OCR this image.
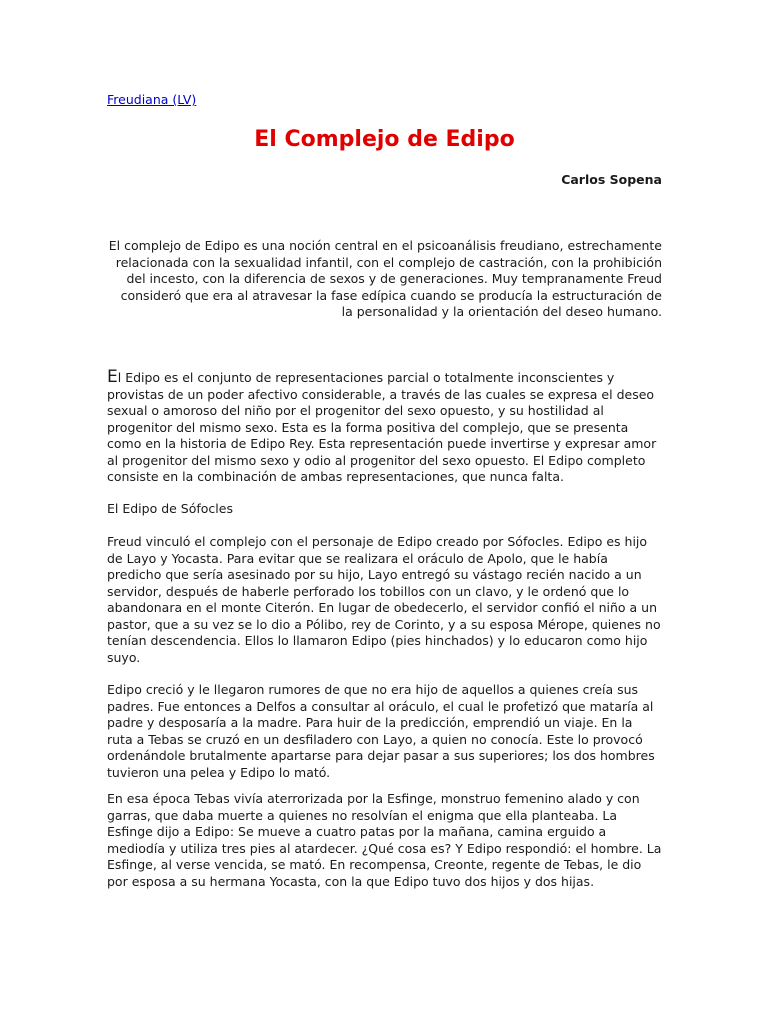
Freudiana (LV)
El Complejo de Edipo
Carlos Sopena

El complejo de Edipo es una noción central en el psicoanálisis freudiano, estrechamente relacionada con la sexualidad infantil, con el complejo de castración, con la prohibición del incesto, con la diferencia de sexos y de generaciones. Muy tempranamente Freud consideró que era al atravesar la fase edípica cuando se producía la estructuración de la personalidad y la orientación del deseo humano.

El Edipo es el conjunto de representaciones parcial o totalmente inconscientes y provistas de un poder afectivo considerable, a través de las cuales se expresa el deseo sexual o amoroso del niño por el progenitor del sexo opuesto, y su hostilidad al progenitor del mismo sexo. Esta es la forma positiva del complejo, que se presenta como en la historia de Edipo Rey. Esta representación puede invertirse y expresar amor al progenitor del mismo sexo y odio al progenitor del sexo opuesto. El Edipo completo consiste en la combinación de ambas representaciones, que nunca falta.

El Edipo de Sófocles

Freud vinculó el complejo con el personaje de Edipo creado por Sófocles. Edipo es hijo de Layo y Yocasta. Para evitar que se realizara el oráculo de Apolo, que le había predicho que sería asesinado por su hijo, Layo entregó su vástago recién nacido a un servidor, después de haberle perforado los tobillos con un clavo, y le ordenó que lo abandonara en el monte Citerón. En lugar de obedecerlo, el servidor confió el niño a un pastor, que a su vez se lo dio a Pólibo, rey de Corinto, y a su esposa Mérope, quienes no tenían descendencia. Ellos lo llamaron Edipo (pies hinchados) y lo educaron como hijo suyo.

Edipo creció y le llegaron rumores de que no era hijo de aquellos a quienes creía sus padres. Fue entonces a Delfos a consultar al oráculo, el cual le profetizó que mataría al padre y desposaría a la madre. Para huir de la predicción, emprendió un viaje. En la ruta a Tebas se cruzó en un desfiladero con Layo, a quien no conocía. Este lo provocó ordenándole brutalmente apartarse para dejar pasar a sus superiores; los dos hombres tuvieron una pelea y Edipo lo mató.

En esa época Tebas vivía aterrorizada por la Esfinge, monstruo femenino alado y con garras, que daba muerte a quienes no resolvían el enigma que ella planteaba. La Esfinge dijo a Edipo: Se mueve a cuatro patas por la mañana, camina erguido a mediodía y utiliza tres pies al atardecer. ¿Qué cosa es? Y Edipo respondió: el hombre. La Esfinge, al verse vencida, se mató. En recompensa, Creonte, regente de Tebas, le dio por esposa a su hermana Yocasta, con la que Edipo tuvo dos hijos y dos hijas.
